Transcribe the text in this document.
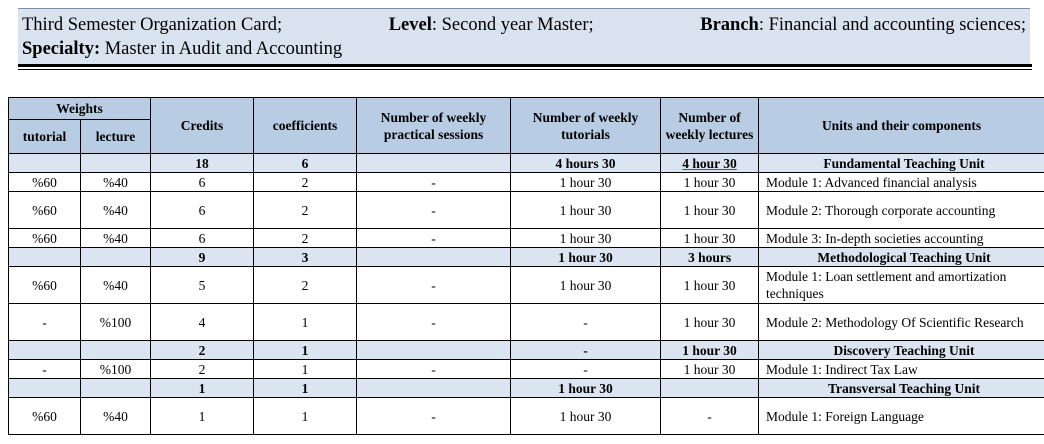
Third Semester Organization Card;	Level: Second year Master;	Branch: Financial and accounting sciences;
Specialty: Master in Audit and Accounting
Weights		Credits	coefficients	Number of weekly practical sessions	Number of weekly tutorials	Number of weekly lectures	Units and their components
tutorial	lecture						
		18	6		4 hours 30	4 hour 30	Fundamental Teaching Unit
%60	%40	6	2	-	1 hour 30	1 hour 30	Module 1: Advanced financial analysis
%60	%40	6	2	-	1 hour 30	1 hour 30	Module 2: Thorough corporate accounting
%60	%40	6	2	-	1 hour 30	1 hour 30	Module 3: In-depth societies accounting
		9	3		1 hour 30	3 hours	Methodological Teaching Unit
%60	%40	5	2	-	1 hour 30	1 hour 30	Module 1: Loan settlement and amortization techniques
-	%100	4	1	-	-	1 hour 30	Module 2: Methodology Of Scientific Research
		2	1		-	1 hour 30	Discovery Teaching Unit
-	%100	2	1	-	-	1 hour 30	Module 1: Indirect Tax Law
		1	1		1 hour 30		Transversal Teaching Unit
%60	%40	1	1	-	1 hour 30	-	Module 1: Foreign Language
